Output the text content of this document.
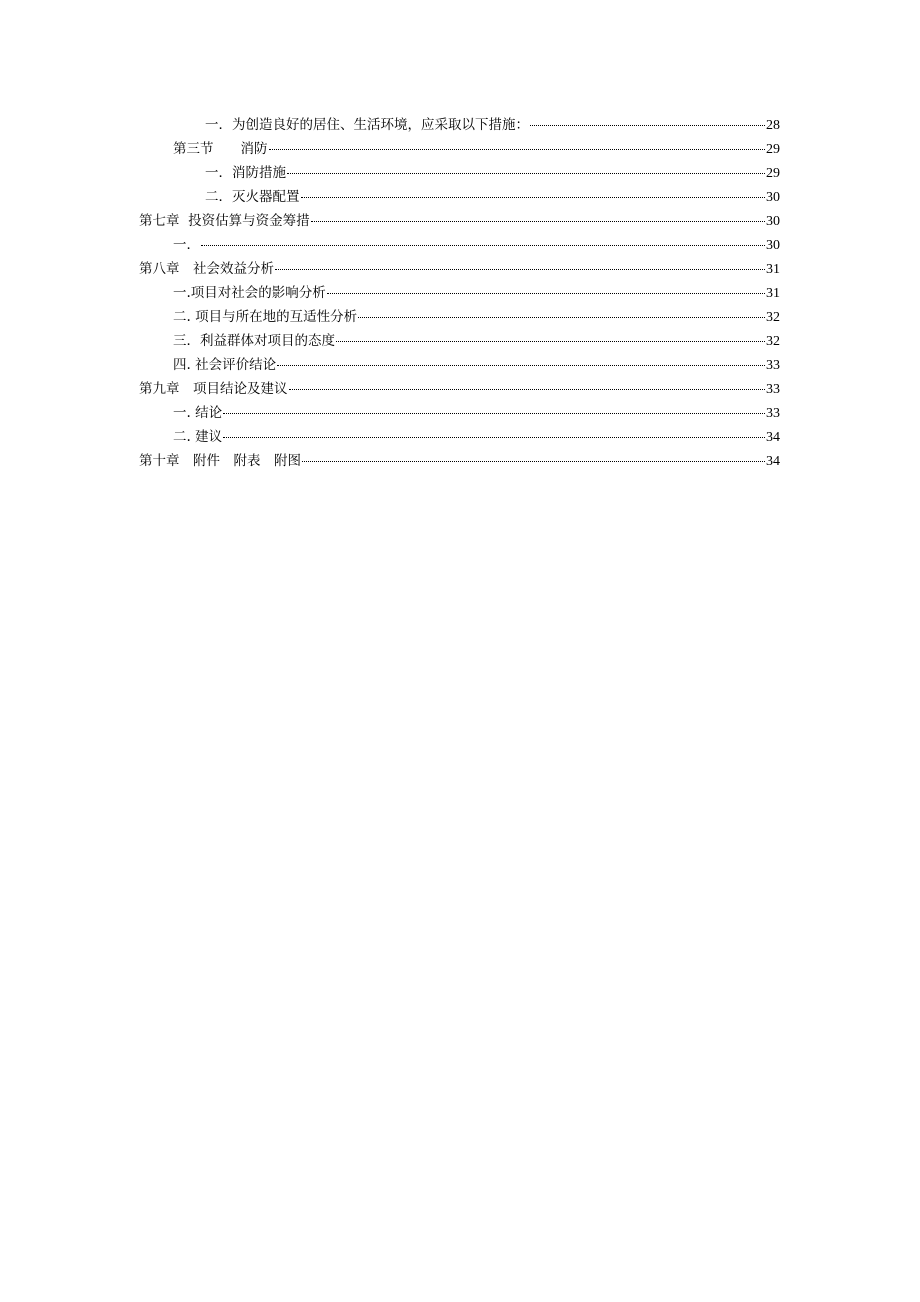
一．为创造良好的居住、生活环境，应采取以下措施：	28
第三节　　消防	29
一．消防措施	29
二．灭火器配置	30
第七章  投资估算与资金筹措	30
一．	30
第八章　社会效益分析	31
一.项目对社会的影响分析	31
二. 项目与所在地的互适性分析	32
三．利益群体对项目的态度	32
四. 社会评价结论	33
第九章　项目结论及建议	33
一. 结论	33
二. 建议	34
第十章　附件　附表　附图	34
